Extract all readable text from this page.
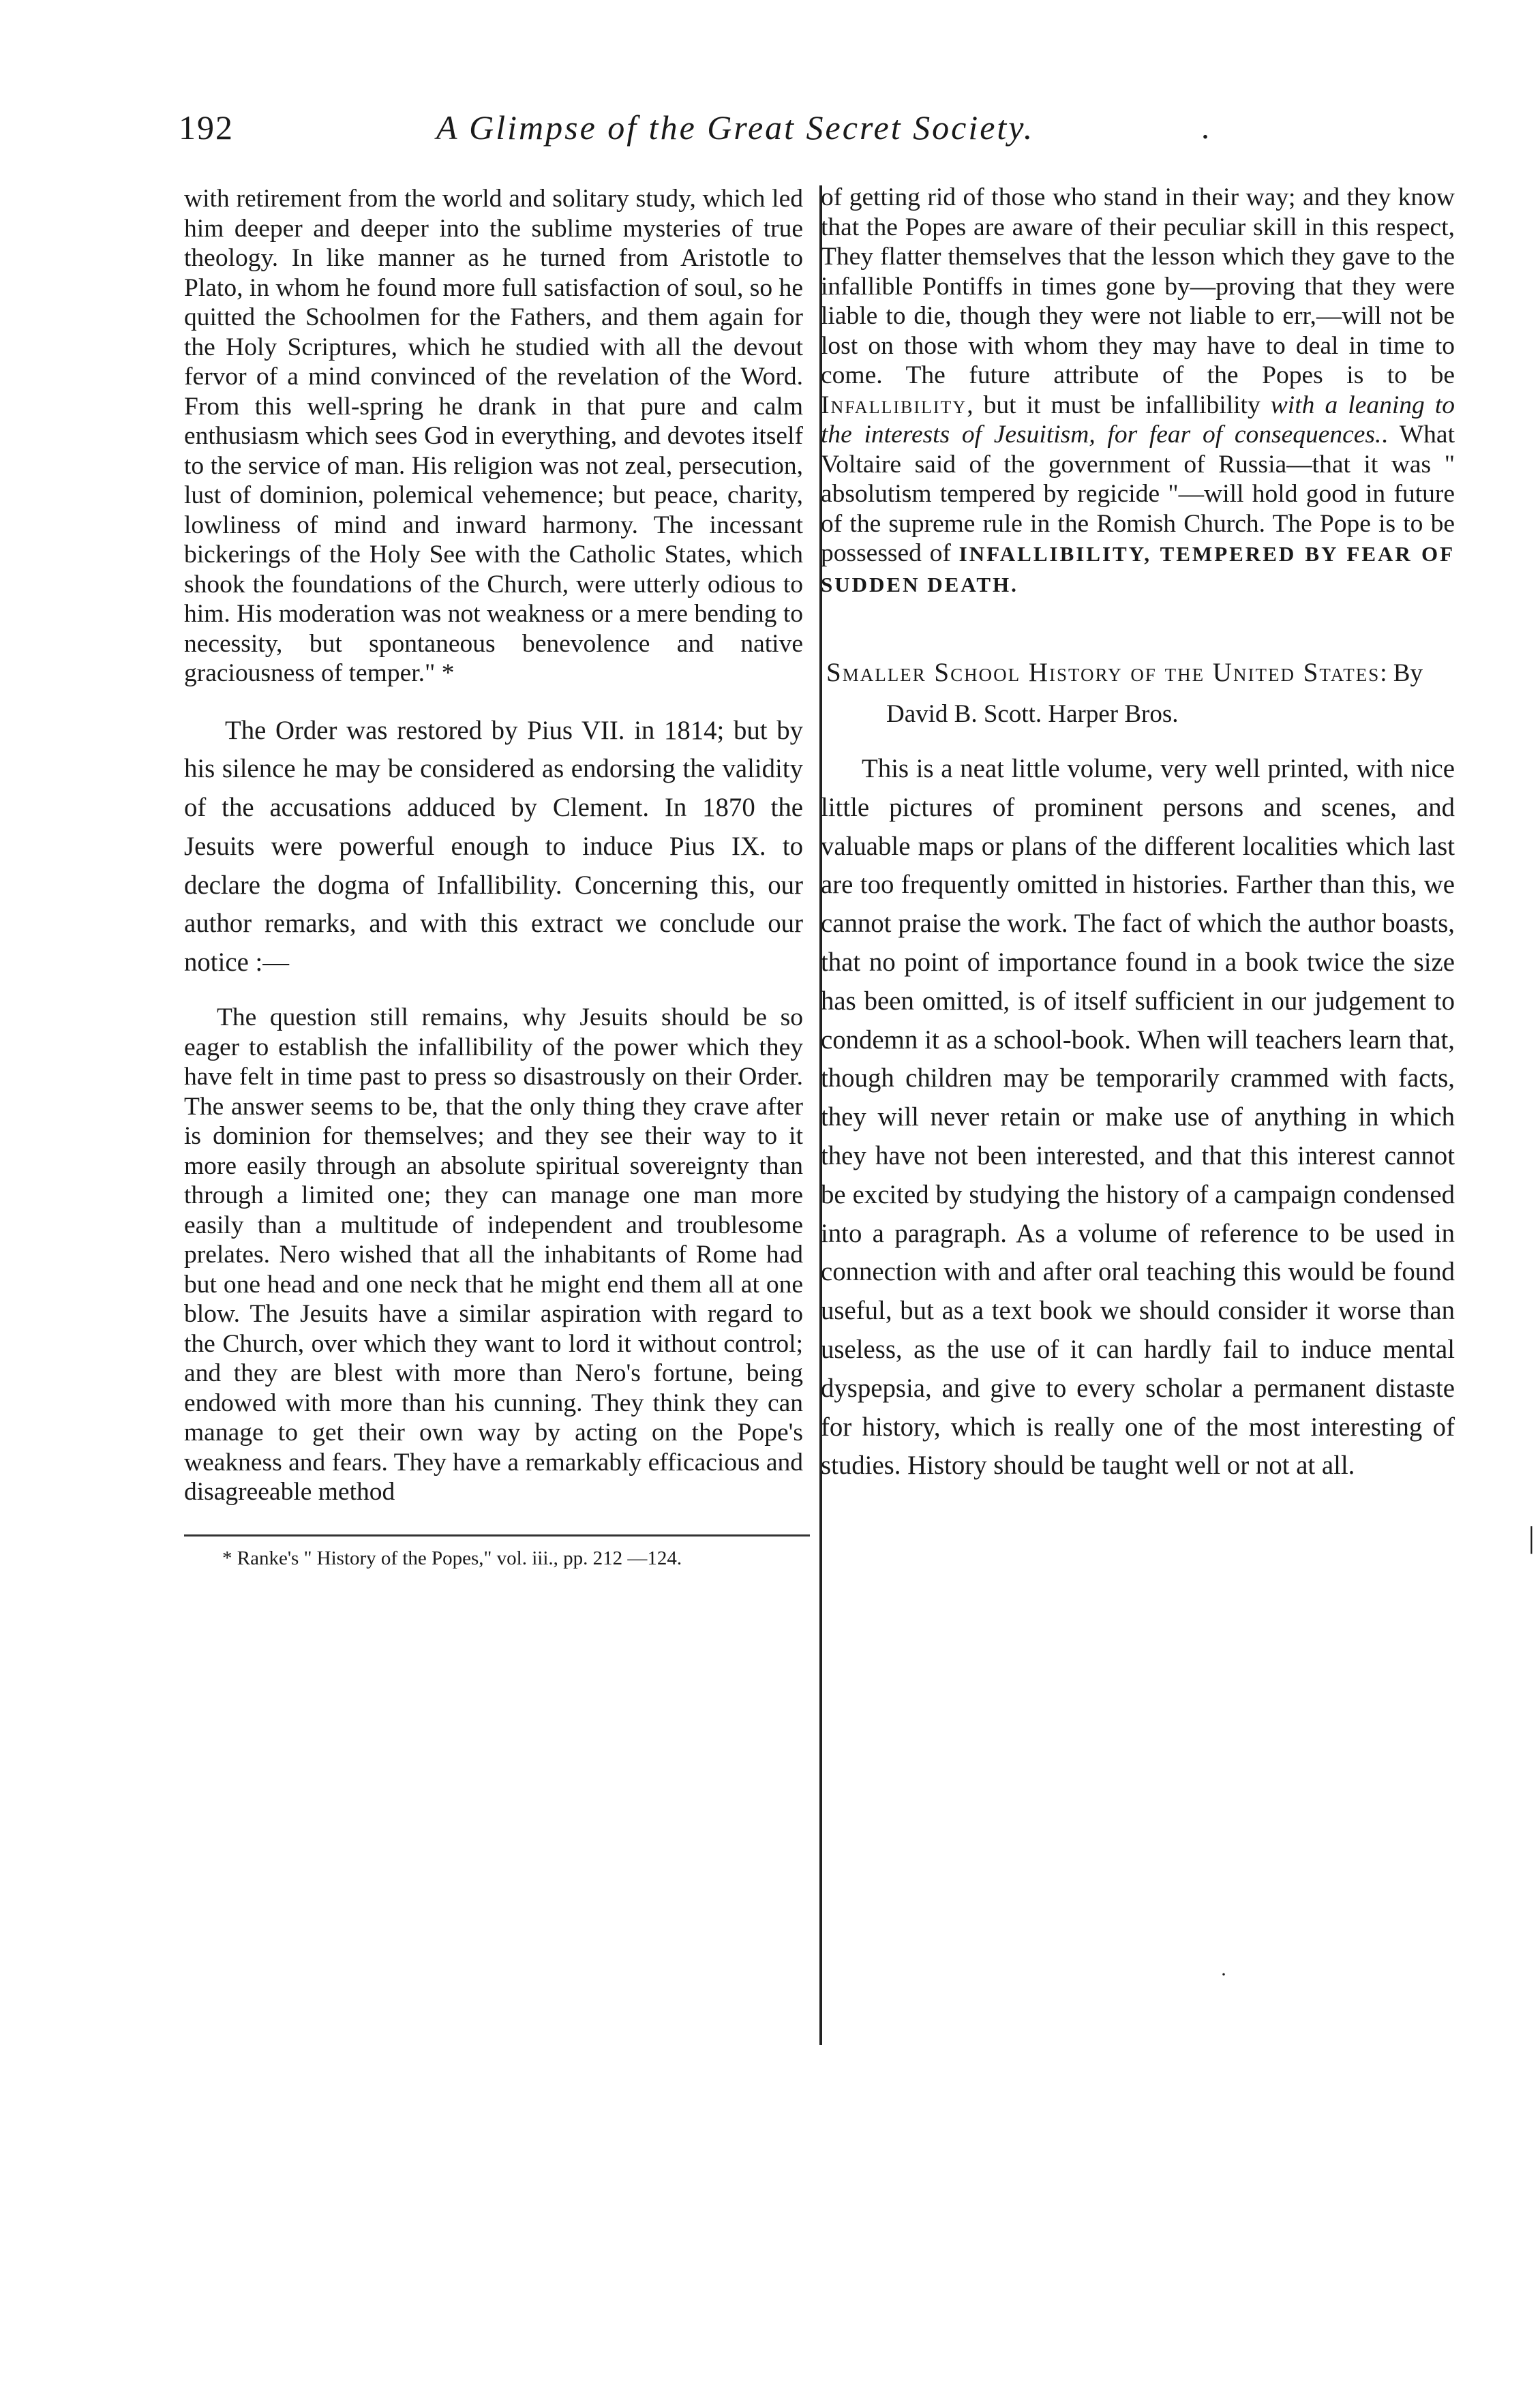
192	A Glimpse of the Great Secret Society.	.

with retirement from the world and solitary study, which led him deeper and deeper into the sublime mysteries of true theology. In like manner as he turned from Aristotle to Plato, in whom he found more full satisfaction of soul, so he quitted the Schoolmen for the Fathers, and them again for the Holy Scriptures, which he studied with all the devout fervor of a mind convinced of the revelation of the Word. From this well-spring he drank in that pure and calm enthusiasm which sees God in everything, and devotes itself to the service of man. His religion was not zeal, persecution, lust of dominion, polemical vehemence; but peace, charity, lowliness of mind and inward harmony. The incessant bickerings of the Holy See with the Catholic States, which shook the foundations of the Church, were utterly odious to him. His moderation was not weakness or a mere bending to necessity, but spontaneous benevolence and native graciousness of temper." *

The Order was restored by Pius VII. in 1814; but by his silence he may be considered as endorsing the validity of the accusations adduced by Clement. In 1870 the Jesuits were powerful enough to induce Pius IX. to declare the dogma of Infallibility. Concerning this, our author remarks, and with this extract we conclude our notice :—

The question still remains, why Jesuits should be so eager to establish the infallibility of the power which they have felt in time past to press so disastrously on their Order. The answer seems to be, that the only thing they crave after is dominion for themselves; and they see their way to it more easily through an absolute spiritual sovereignty than through a limited one; they can manage one man more easily than a multitude of independent and troublesome prelates. Nero wished that all the inhabitants of Rome had but one head and one neck that he might end them all at one blow. The Jesuits have a similar aspiration with regard to the Church, over which they want to lord it without control; and they are blest with more than Nero's fortune, being endowed with more than his cunning. They think they can manage to get their own way by acting on the Pope's weakness and fears. They have a remarkably efficacious and disagreeable method

* Ranke's " History of the Popes," vol. iii., pp. 212 —124.

of getting rid of those who stand in their way; and they know that the Popes are aware of their peculiar skill in this respect, They flatter themselves that the lesson which they gave to the infallible Pontiffs in times gone by—proving that they were liable to die, though they were not liable to err,—will not be lost on those with whom they may have to deal in time to come. The future attribute of the Popes is to be Infallibility, but it must be infallibility with a leaning to the interests of Jesuitism, for fear of consequences.. What Voltaire said of the government of Russia—that it was " absolutism tempered by regicide "—will hold good in future of the supreme rule in the Romish Church. The Pope is to be possessed of INFALLIBILITY, TEMPERED BY FEAR OF SUDDEN DEATH.

Smaller School History of the United States: By David B. Scott. Harper Bros.

This is a neat little volume, very well printed, with nice little pictures of prominent persons and scenes, and valuable maps or plans of the different localities which last are too frequently omitted in histories. Farther than this, we cannot praise the work. The fact of which the author boasts, that no point of importance found in a book twice the size has been omitted, is of itself sufficient in our judgement to condemn it as a school-book. When will teachers learn that, though children may be temporarily crammed with facts, they will never retain or make use of anything in which they have not been interested, and that this interest cannot be excited by studying the history of a campaign condensed into a paragraph. As a volume of reference to be used in connection with and after oral teaching this would be found useful, but as a text book we should consider it worse than useless, as the use of it can hardly fail to induce mental dyspepsia, and give to every scholar a permanent distaste for history, which is really one of the most interesting of studies. History should be taught well or not at all.

|
·
